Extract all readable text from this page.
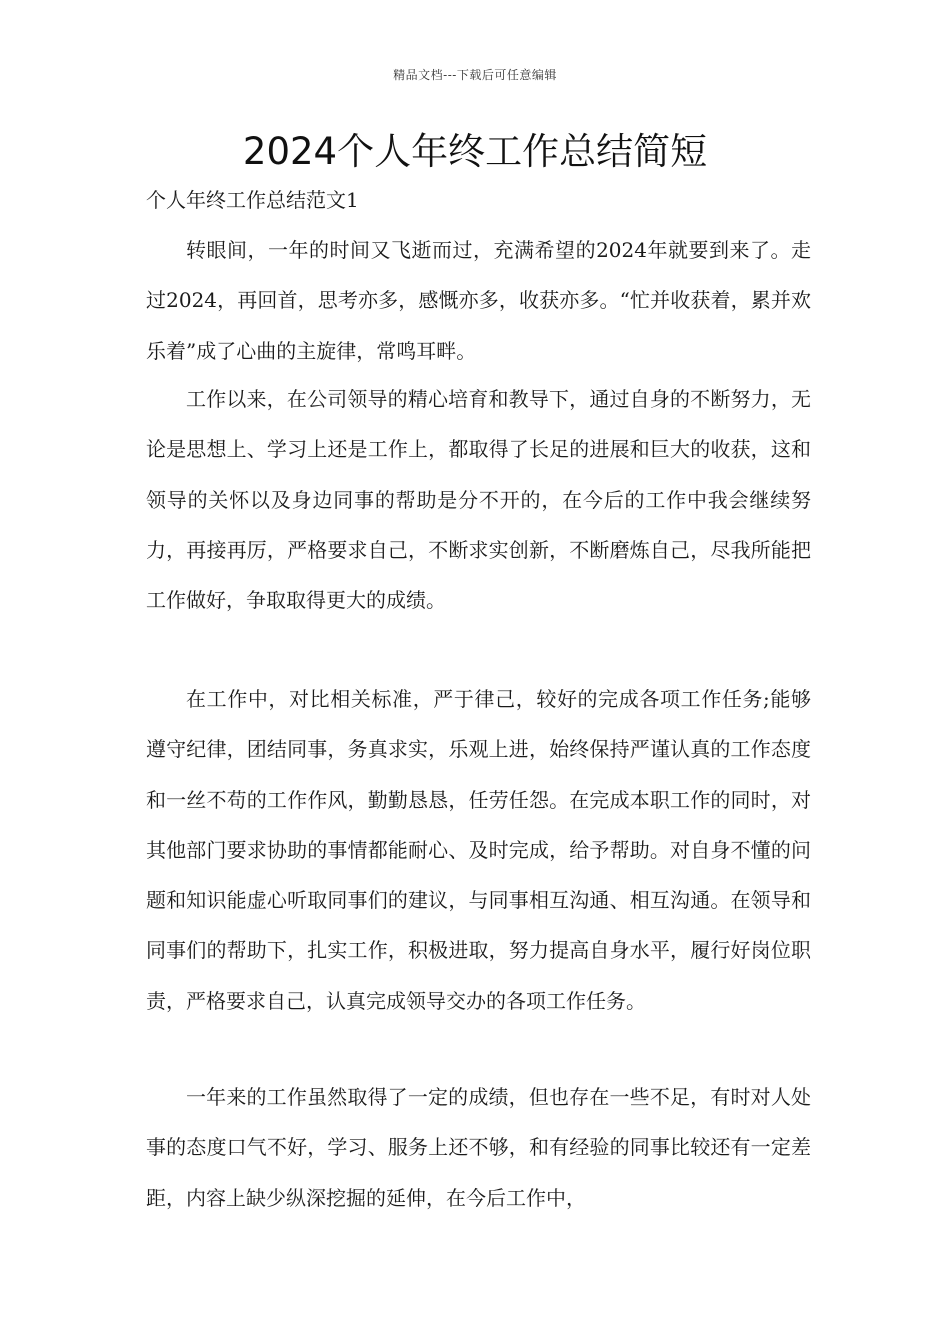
精品文档---下载后可任意编辑
2024个人年终工作总结简短

个人年终工作总结范文1

转眼间，一年的时间又飞逝而过，充满希望的2024年就要到来了。走过2024，再回首，思考亦多，感慨亦多，收获亦多。“忙并收获着，累并欢乐着”成了心曲的主旋律，常鸣耳畔。

工作以来，在公司领导的精心培育和教导下，通过自身的不断努力，无论是思想上、学习上还是工作上，都取得了长足的进展和巨大的收获，这和领导的关怀以及身边同事的帮助是分不开的，在今后的工作中我会继续努力，再接再厉，严格要求自己，不断求实创新，不断磨炼自己，尽我所能把工作做好，争取取得更大的成绩。

在工作中，对比相关标准，严于律己，较好的完成各项工作任务;能够遵守纪律，团结同事，务真求实，乐观上进，始终保持严谨认真的工作态度和一丝不苟的工作作风，勤勤恳恳，任劳任怨。在完成本职工作的同时，对其他部门要求协助的事情都能耐心、及时完成，给予帮助。对自身不懂的问题和知识能虚心听取同事们的建议，与同事相互沟通、相互沟通。在领导和同事们的帮助下，扎实工作，积极进取，努力提高自身水平，履行好岗位职责，严格要求自己，认真完成领导交办的各项工作任务。

一年来的工作虽然取得了一定的成绩，但也存在一些不足，有时对人处事的态度口气不好，学习、服务上还不够，和有经验的同事比较还有一定差距，内容上缺少纵深挖掘的延伸，在今后工作中，
